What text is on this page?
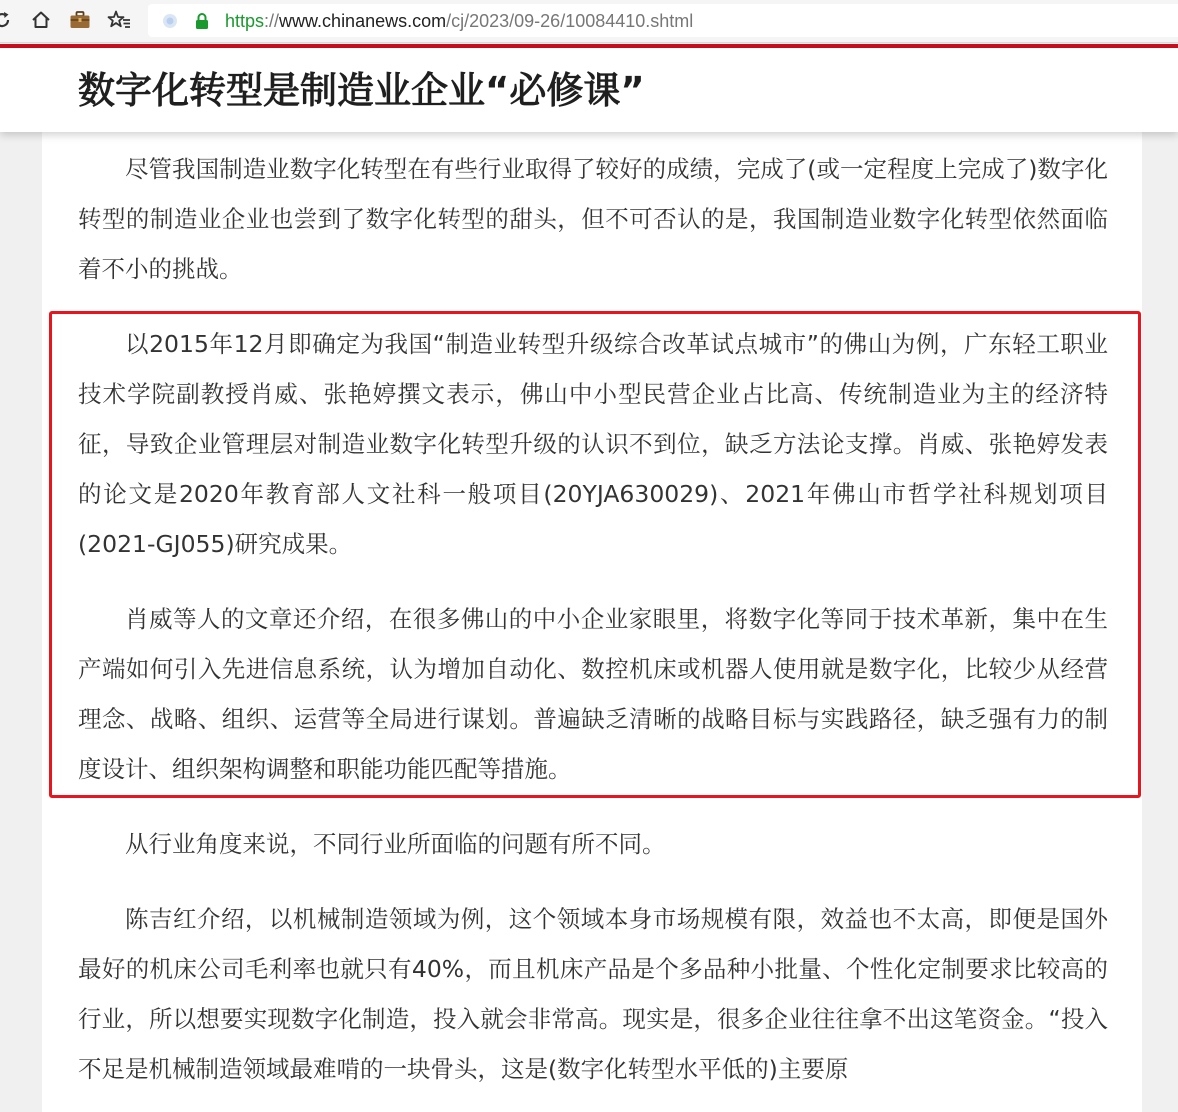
https://www.chinanews.com/cj/2023/09-26/10084410.shtml
数字化转型是制造业企业“必修课”

尽管我国制造业数字化转型在有些行业取得了较好的成绩，完成了(或一定程度上完成了)数字化转型的制造业企业也尝到了数字化转型的甜头，但不可否认的是，我国制造业数字化转型依然面临着不小的挑战。

以2015年12月即确定为我国“制造业转型升级综合改革试点城市”的佛山为例，广东轻工职业技术学院副教授肖威、张艳婷撰文表示，佛山中小型民营企业占比高、传统制造业为主的经济特征，导致企业管理层对制造业数字化转型升级的认识不到位，缺乏方法论支撑。肖威、张艳婷发表的论文是2020年教育部人文社科一般项目(20YJA630029)、2021年佛山市哲学社科规划项目(2021-GJ055)研究成果。

肖威等人的文章还介绍，在很多佛山的中小企业家眼里，将数字化等同于技术革新，集中在生产端如何引入先进信息系统，认为增加自动化、数控机床或机器人使用就是数字化，比较少从经营理念、战略、组织、运营等全局进行谋划。普遍缺乏清晰的战略目标与实践路径，缺乏强有力的制度设计、组织架构调整和职能功能匹配等措施。

从行业角度来说，不同行业所面临的问题有所不同。

陈吉红介绍，以机械制造领域为例，这个领域本身市场规模有限，效益也不太高，即便是国外最好的机床公司毛利率也就只有40%，而且机床产品是个多品种小批量、个性化定制要求比较高的行业，所以想要实现数字化制造，投入就会非常高。现实是，很多企业往往拿不出这笔资金。“投入不足是机械制造领域最难啃的一块骨头，这是(数字化转型水平低的)主要原
